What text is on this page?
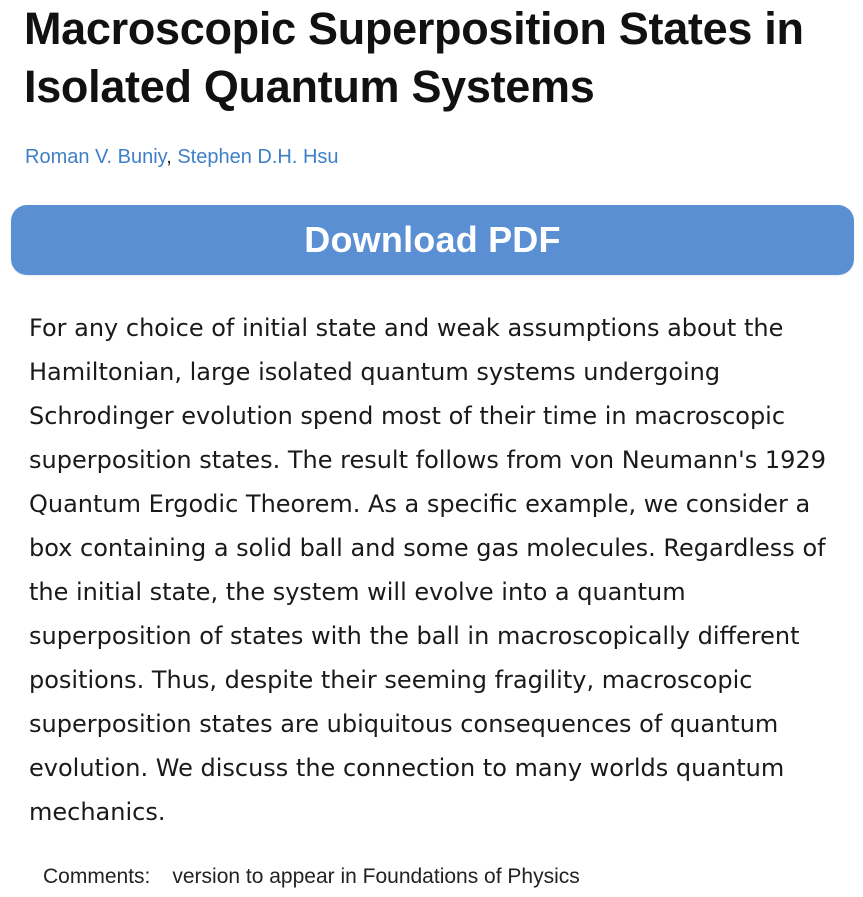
Macroscopic Superposition States in Isolated Quantum Systems
Roman V. Buniy, Stephen D.H. Hsu
Download PDF

For any choice of initial state and weak assumptions about the Hamiltonian, large isolated quantum systems undergoing Schrodinger evolution spend most of their time in macroscopic superposition states. The result follows from von Neumann's 1929 Quantum Ergodic Theorem. As a specific example, we consider a box containing a solid ball and some gas molecules. Regardless of the initial state, the system will evolve into a quantum superposition of states with the ball in macroscopically different positions. Thus, despite their seeming fragility, macroscopic superposition states are ubiquitous consequences of quantum evolution. We discuss the connection to many worlds quantum mechanics.

Comments: version to appear in Foundations of Physics
